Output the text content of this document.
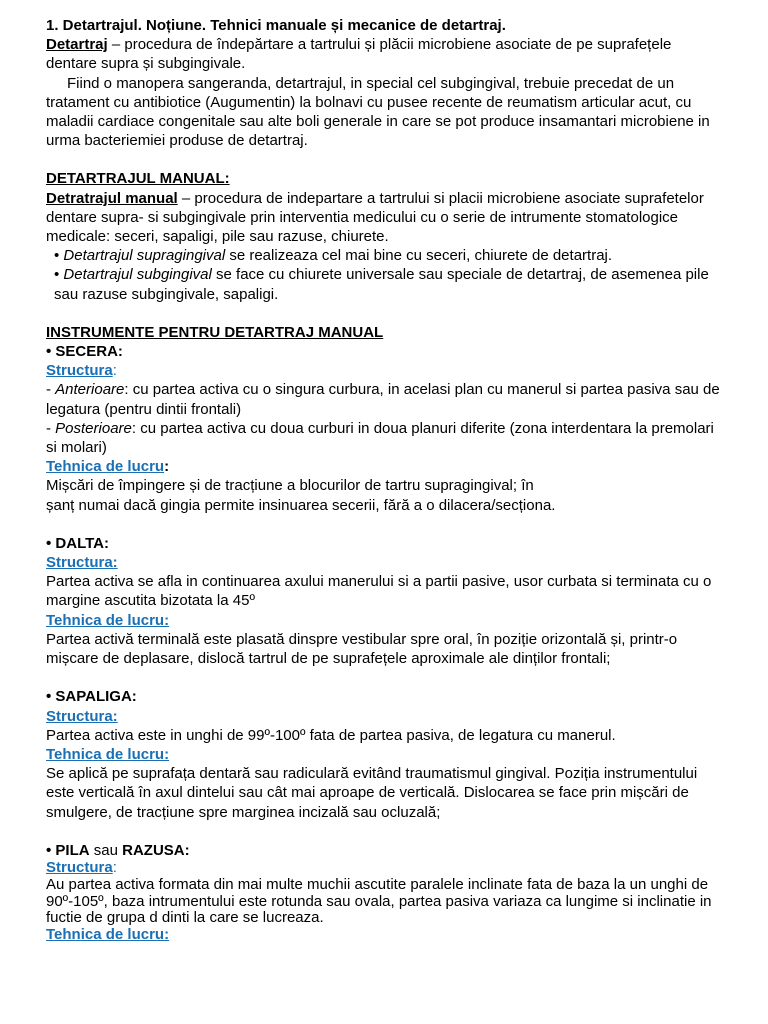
1. Detartrajul. Noțiune. Tehnici manuale și mecanice de detartraj.

Detartraj – procedura de îndepărtare a tartrului și plăcii microbiene asociate de pe suprafețele dentare supra și subgingivale.

Fiind o manopera sangeranda, detartrajul, in special cel subgingival, trebuie precedat de un tratament cu antibiotice (Augumentin) la bolnavi cu pusee recente de reumatism articular acut, cu maladii cardiace congenitale sau alte boli generale in care se pot produce insamantari microbiene in urma bacteriemiei produse de detartraj.

DETARTRAJUL MANUAL:

Detratrajul manual – procedura de indepartare a tartrului si placii microbiene asociate suprafetelor dentare supra- si subgingivale prin interventia medicului cu o serie de intrumente stomatologice medicale: seceri, sapaligi, pile sau razuse, chiurete.

• Detartrajul supragingival se realizeaza cel mai bine cu seceri, chiurete de detartraj.

• Detartrajul subgingival se face cu chiurete universale sau speciale de detartraj, de asemenea pile sau razuse subgingivale, sapaligi.

INSTRUMENTE PENTRU DETARTRAJ MANUAL

• SECERA:

Structura:

- Anterioare: cu partea activa cu o singura curbura, in acelasi plan cu manerul si partea pasiva sau de legatura (pentru dintii frontali)

- Posterioare: cu partea activa cu doua curburi in doua planuri diferite (zona interdentara la premolari si molari)

Tehnica de lucru:

Mișcări de împingere și de tracțiune a blocurilor de tartru supragingival; în

șanț numai dacă gingia permite insinuarea secerii, fără a o dilacera/secționa.

• DALTA:

Structura:

Partea activa se afla in continuarea axului manerului si a partii pasive, usor curbata si terminata cu o margine ascutita bizotata la 45º

Tehnica de lucru:

Partea activă terminală este plasată dinspre vestibular spre oral, în poziție orizontală și, printr-o mișcare de deplasare, dislocă tartrul de pe suprafețele aproximale ale dinților frontali;

• SAPALIGA:

Structura:

Partea activa este in unghi de 99º-100º fata de partea pasiva, de legatura cu manerul.

Tehnica de lucru:

Se aplică pe suprafața dentară sau radiculară evitând traumatismul gingival. Poziția instrumentului este verticală în axul dintelui sau cât mai aproape de verticală. Dislocarea se face prin mișcări de smulgere, de tracțiune spre marginea incizală sau ocluzală;

• PILA sau RAZUSA:

Structura:

Au partea activa formata din mai multe muchii ascutite paralele inclinate fata de baza la un unghi de 90º-105º, baza intrumentului este rotunda sau ovala, partea pasiva variaza ca lungime si inclinatie in fuctie de grupa d dinti la care se lucreaza.

Tehnica de lucru:
